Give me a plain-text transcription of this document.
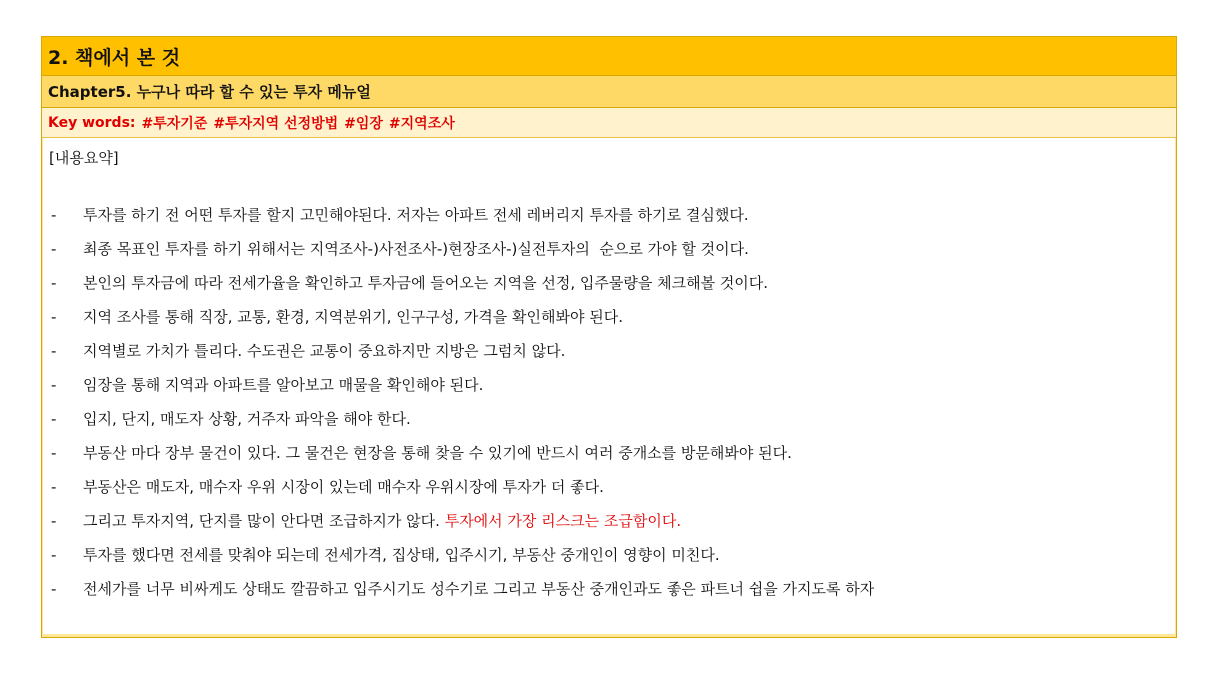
2. 책에서 본 것
Chapter5. 누구나 따라 할 수 있는 투자 메뉴얼
Key words: #투자기준 #투자지역 선정방법 #임장 #지역조사
[내용요약]
-	투자를 하기 전 어떤 투자를 할지 고민해야된다. 저자는 아파트 전세 레버리지 투자를 하기로 결심했다.
-	최종 목표인 투자를 하기 위해서는 지역조사-)사전조사-)현장조사-)실전투자의  순으로 가야 할 것이다.
-	본인의 투자금에 따라 전세가율을 확인하고 투자금에 들어오는 지역을 선정, 입주물량을 체크해볼 것이다.
-	지역 조사를 통해 직장, 교통, 환경, 지역분위기, 인구구성, 가격을 확인해봐야 된다.
-	지역별로 가치가 틀리다. 수도권은 교통이 중요하지만 지방은 그럼치 않다.
-	임장을 통해 지역과 아파트를 알아보고 매물을 확인해야 된다.
-	입지, 단지, 매도자 상황, 거주자 파악을 해야 한다.
-	부동산 마다 장부 물건이 있다. 그 물건은 현장을 통해 찾을 수 있기에 반드시 여러 중개소를 방문해봐야 된다.
-	부동산은 매도자, 매수자 우위 시장이 있는데 매수자 우위시장에 투자가 더 좋다.
-	그리고 투자지역, 단지를 많이 안다면 조급하지가 않다. 투자에서 가장 리스크는 조급함이다.
-	투자를 했다면 전세를 맞춰야 되는데 전세가격, 집상태, 입주시기, 부동산 중개인이 영향이 미친다.
-	전세가를 너무 비싸게도 상태도 깔끔하고 입주시기도 성수기로 그리고 부동산 중개인과도 좋은 파트너 쉽을 가지도록 하자
